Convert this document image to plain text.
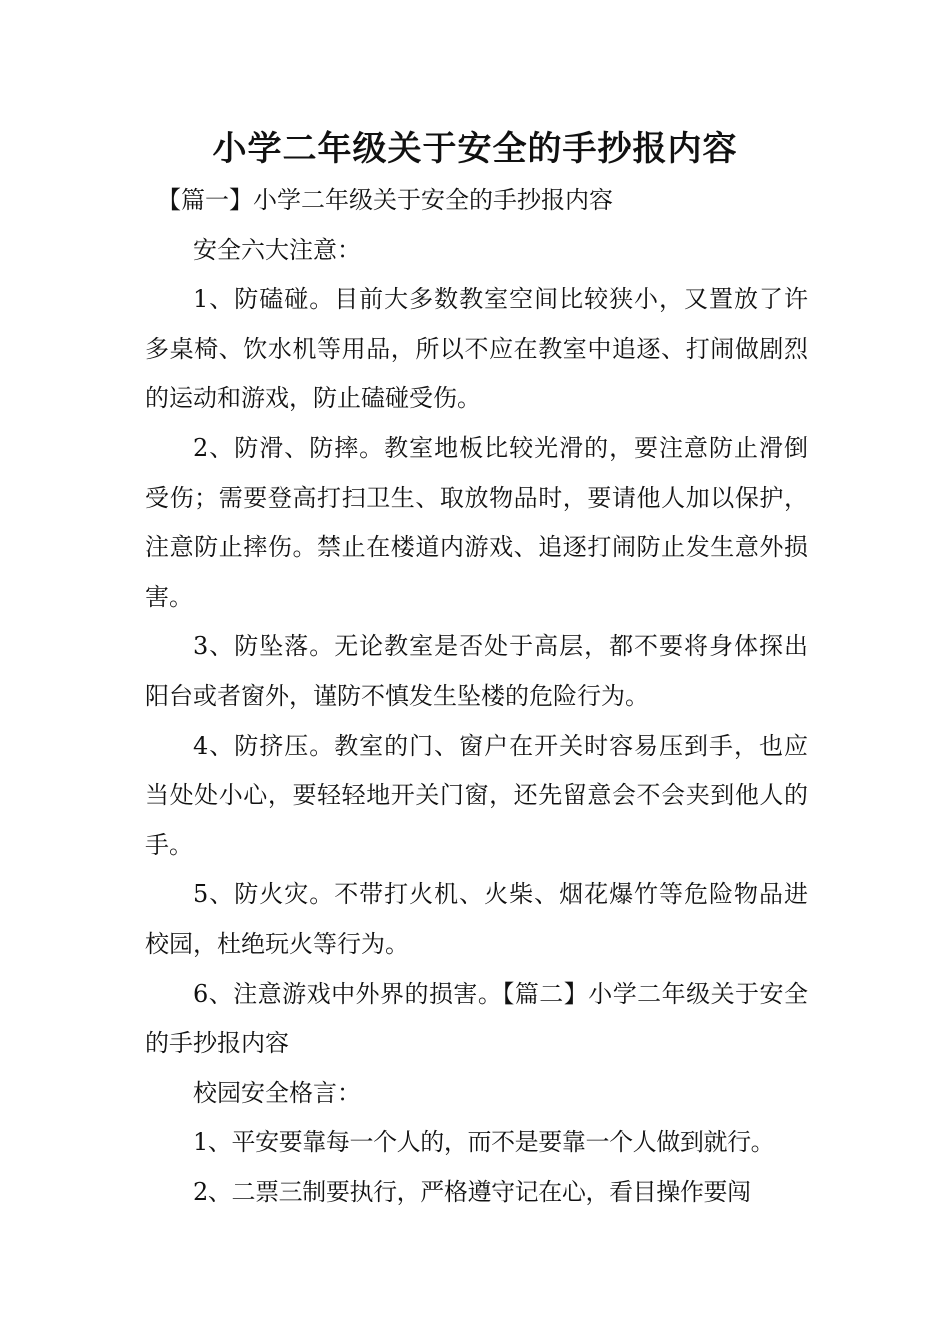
小学二年级关于安全的手抄报内容

【篇一】小学二年级关于安全的手抄报内容

安全六大注意：

1、防磕碰。目前大多数教室空间比较狭小，又置放了许多桌椅、饮水机等用品，所以不应在教室中追逐、打闹做剧烈的运动和游戏，防止磕碰受伤。

2、防滑、防摔。教室地板比较光滑的，要注意防止滑倒受伤；需要登高打扫卫生、取放物品时，要请他人加以保护，注意防止摔伤。禁止在楼道内游戏、追逐打闹防止发生意外损害。

3、防坠落。无论教室是否处于高层，都不要将身体探出阳台或者窗外，谨防不慎发生坠楼的危险行为。

4、防挤压。教室的门、窗户在开关时容易压到手，也应当处处小心，要轻轻地开关门窗，还先留意会不会夹到他人的手。

5、防火灾。不带打火机、火柴、烟花爆竹等危险物品进校园，杜绝玩火等行为。

6、注意游戏中外界的损害。【篇二】小学二年级关于安全的手抄报内容

校园安全格言：

1、平安要靠每一个人的，而不是要靠一个人做到就行。

2、二票三制要执行，严格遵守记在心，看目操作要闯
